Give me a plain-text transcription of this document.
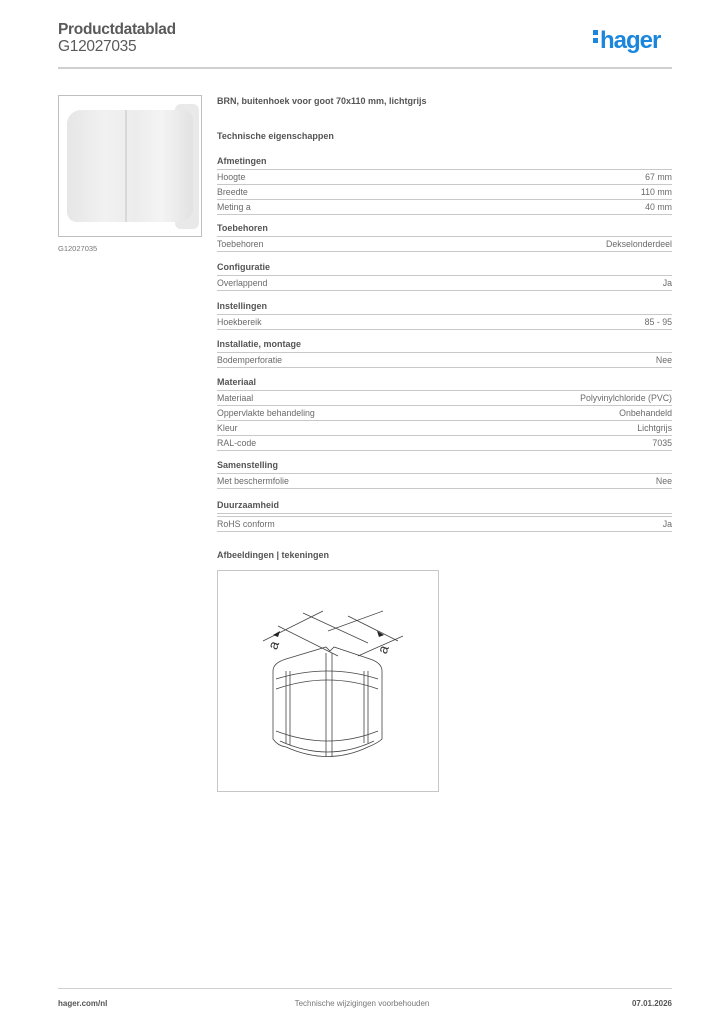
Productdatablad
G12027035	hager
G12027035
BRN, buitenhoek voor goot 70x110 mm, lichtgrijs
Technische eigenschappen
Afmetingen
Hoogte	67 mm
Breedte	110 mm
Meting a	40 mm
Toebehoren
Toebehoren	Dekselonderdeel
Configuratie
Overlappend	Ja
Instellingen
Hoekbereik	85 - 95
Installatie, montage
Bodemperforatie	Nee
Materiaal
Materiaal	Polyvinylchloride (PVC)
Oppervlakte behandeling	Onbehandeld
Kleur	Lichtgrijs
RAL-code	7035
Samenstelling
Met beschermfolie	Nee
Duurzaamheid
RoHS conform	Ja
Afbeeldingen | tekeningen
a	a
hager.com/nl	Technische wijzigingen voorbehouden	07.01.2026
